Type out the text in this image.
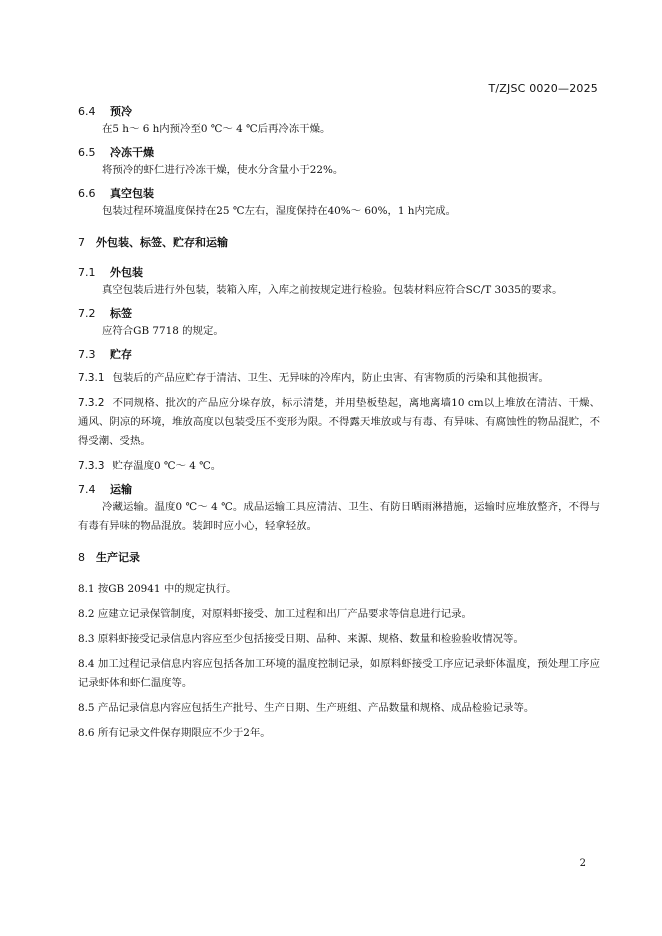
T/ZJSC 0020—2025
6.4 预冷
在5 h～ 6 h内预冷至0 ℃～ 4 ℃后再冷冻干燥。
6.5 冷冻干燥
将预冷的虾仁进行冷冻干燥，使水分含量小于22%。
6.6 真空包装
包装过程环境温度保持在25 ℃左右，湿度保持在40%～ 60%，1 h内完成。
7 外包装、标签、贮存和运输
7.1 外包装
真空包装后进行外包装，装箱入库，入库之前按规定进行检验。包装材料应符合SC/T 3035的要求。
7.2 标签
应符合GB 7718 的规定。
7.3 贮存
7.3.1 包装后的产品应贮存于清洁、卫生、无异味的冷库内，防止虫害、有害物质的污染和其他损害。
7.3.2 不同规格、批次的产品应分垛存放，标示清楚，并用垫板垫起，离地离墙10 cm以上堆放在清洁、干燥、通风、阴凉的环境，堆放高度以包装受压不变形为限。不得露天堆放或与有毒、有异味、有腐蚀性的物品混贮，不得受潮、受热。
7.3.3 贮存温度0 ℃～ 4 ℃。
7.4 运输
冷藏运输。温度0 ℃～ 4 ℃。成品运输工具应清洁、卫生、有防日晒雨淋措施，运输时应堆放整齐，不得与有毒有异味的物品混放。装卸时应小心，轻拿轻放。
8 生产记录
8.1 按GB 20941 中的规定执行。
8.2 应建立记录保管制度，对原料虾接受、加工过程和出厂产品要求等信息进行记录。
8.3 原料虾接受记录信息内容应至少包括接受日期、品种、来源、规格、数量和检验验收情况等。
8.4 加工过程记录信息内容应包括各加工环境的温度控制记录，如原料虾接受工序应记录虾体温度，预处理工序应记录虾体和虾仁温度等。
8.5 产品记录信息内容应包括生产批号、生产日期、生产班组、产品数量和规格、成品检验记录等。
8.6 所有记录文件保存期限应不少于2年。
2
